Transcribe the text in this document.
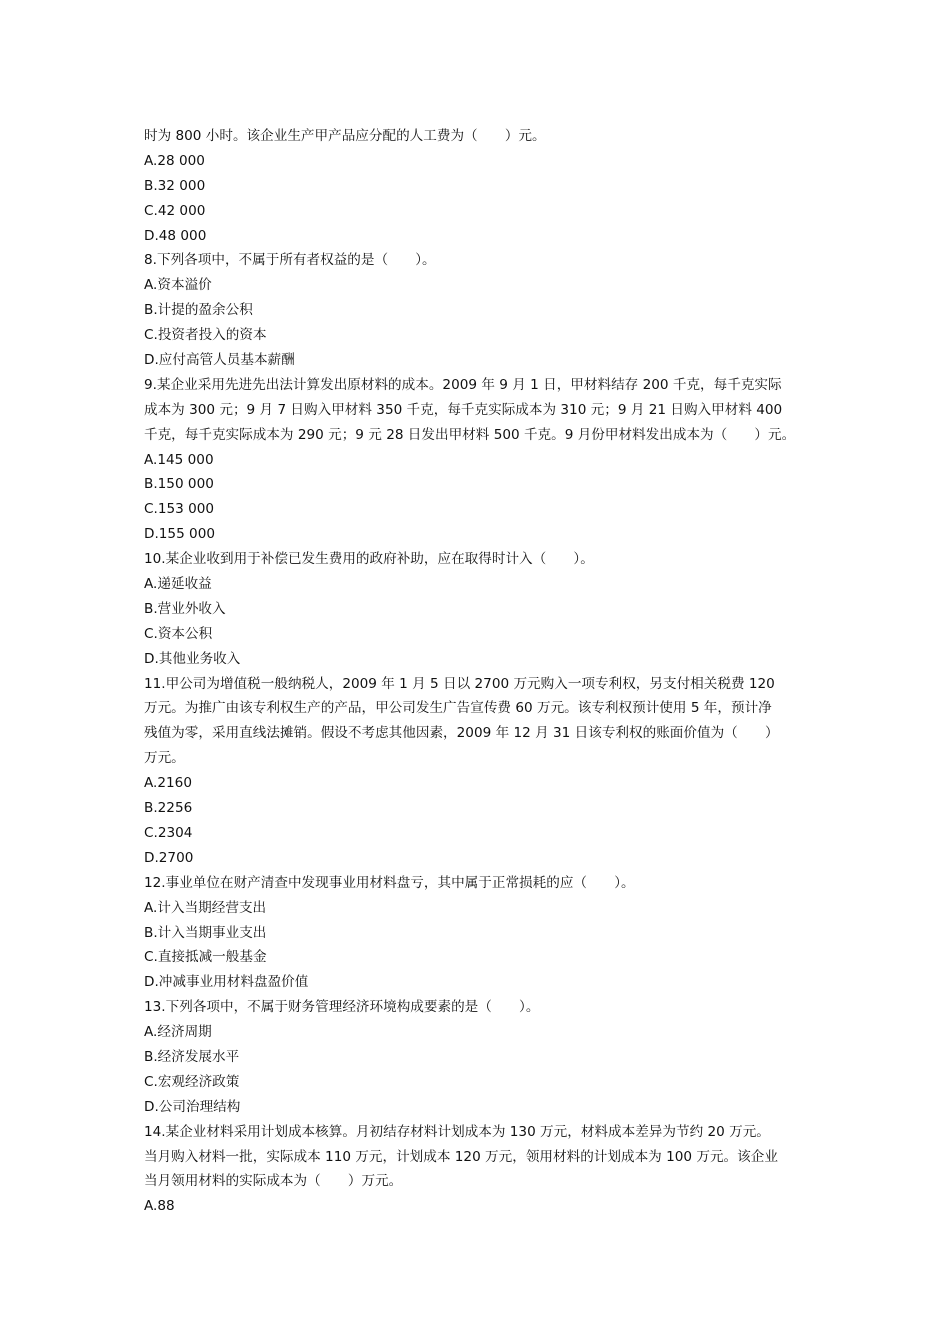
时为 800 小时。该企业生产甲产品应分配的人工费为（　　）元。
A.28 000
B.32 000
C.42 000
D.48 000
8.下列各项中，不属于所有者权益的是（　　）。
A.资本溢价
B.计提的盈余公积
C.投资者投入的资本
D.应付高管人员基本薪酬
9.某企业采用先进先出法计算发出原材料的成本。2009 年 9 月 1 日，甲材料结存 200 千克，每千克实际
成本为 300 元；9 月 7 日购入甲材料 350 千克，每千克实际成本为 310 元；9 月 21 日购入甲材料 400
千克，每千克实际成本为 290 元；9 元 28 日发出甲材料 500 千克。9 月份甲材料发出成本为（　　）元。
A.145 000
B.150 000
C.153 000
D.155 000
10.某企业收到用于补偿已发生费用的政府补助，应在取得时计入（　　）。
A.递延收益
B.营业外收入
C.资本公积
D.其他业务收入
11.甲公司为增值税一般纳税人，2009 年 1 月 5 日以 2700 万元购入一项专利权，另支付相关税费 120
万元。为推广由该专利权生产的产品，甲公司发生广告宣传费 60 万元。该专利权预计使用 5 年，预计净
残值为零，采用直线法摊销。假设不考虑其他因素，2009 年 12 月 31 日该专利权的账面价值为（　　）
万元。
A.2160
B.2256
C.2304
D.2700
12.事业单位在财产清查中发现事业用材料盘亏，其中属于正常损耗的应（　　）。
A.计入当期经营支出
B.计入当期事业支出
C.直接抵减一般基金
D.冲减事业用材料盘盈价值
13.下列各项中，不属于财务管理经济环境构成要素的是（　　）。
A.经济周期
B.经济发展水平
C.宏观经济政策
D.公司治理结构
14.某企业材料采用计划成本核算。月初结存材料计划成本为 130 万元，材料成本差异为节约 20 万元。
当月购入材料一批，实际成本 110 万元，计划成本 120 万元，领用材料的计划成本为 100 万元。该企业
当月领用材料的实际成本为（　　）万元。
A.88
